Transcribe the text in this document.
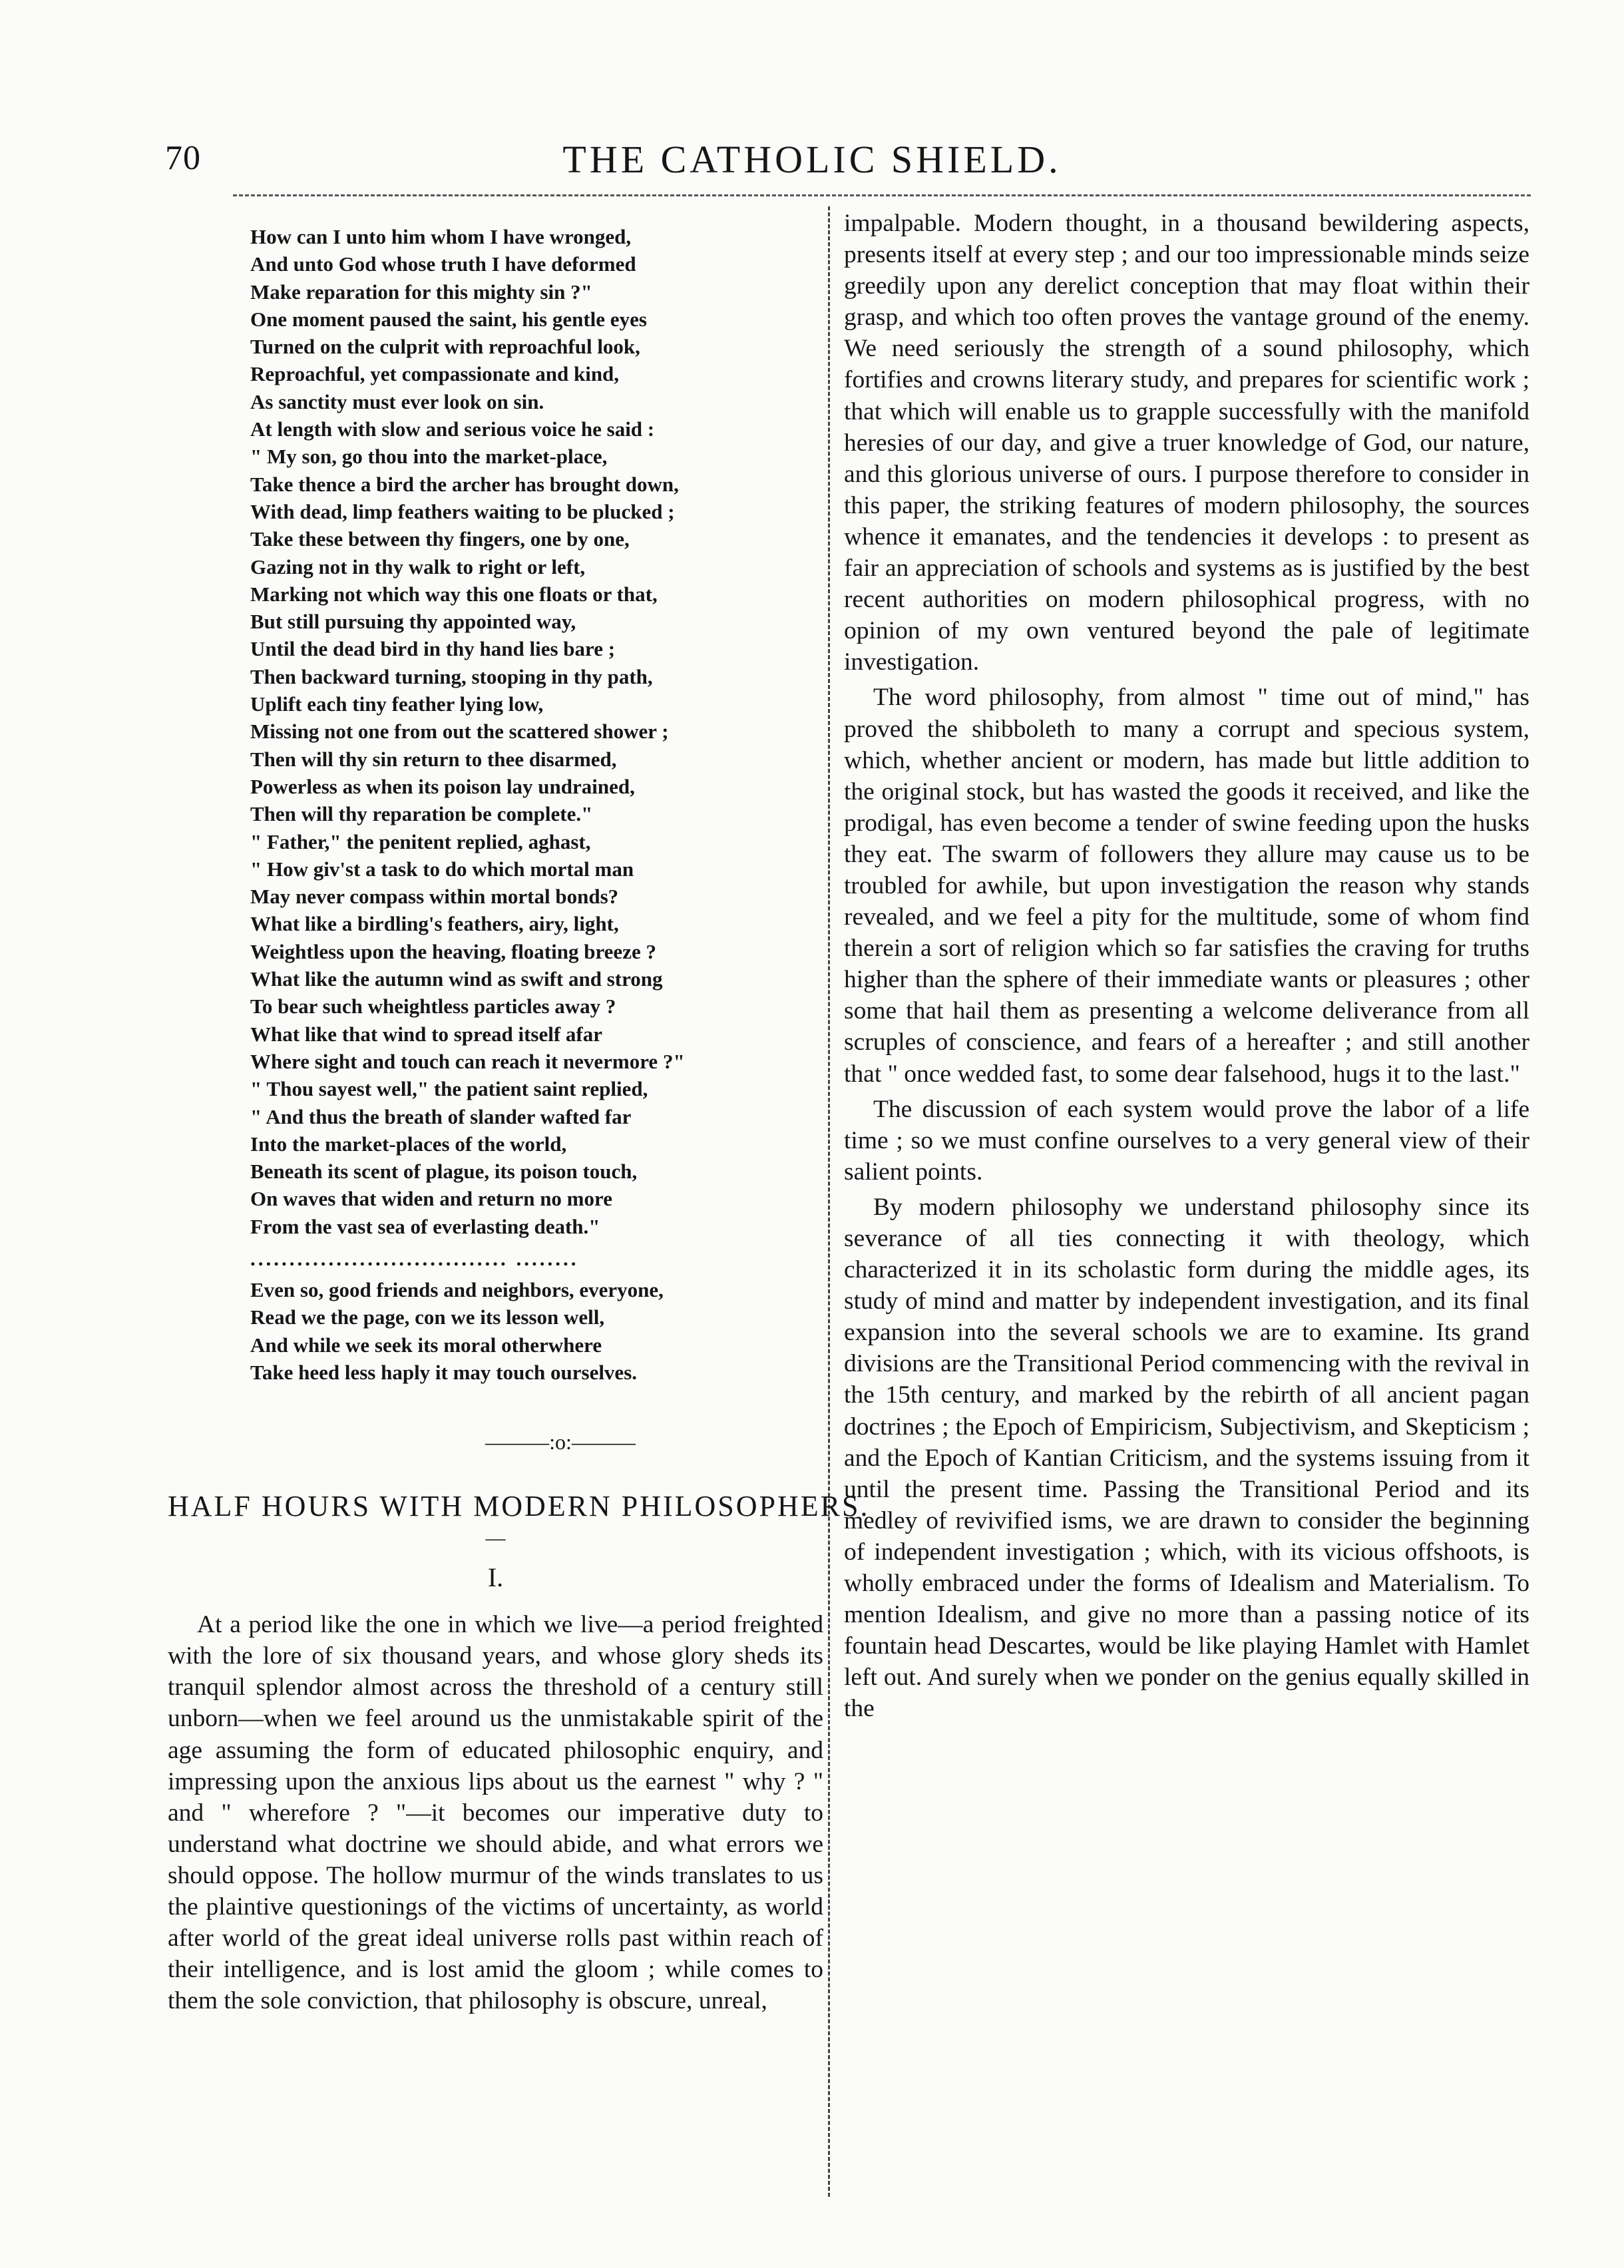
70	THE CATHOLIC SHIELD.
How can I unto him whom I have wronged,
And unto God whose truth I have deformed
Make reparation for this mighty sin ?"
One moment paused the saint, his gentle eyes
Turned on the culprit with reproachful look,
Reproachful, yet compassionate and kind,
As sanctity must ever look on sin.
At length with slow and serious voice he said :
" My son, go thou into the market-place,
Take thence a bird the archer has brought down,
With dead, limp feathers waiting to be plucked ;
Take these between thy fingers, one by one,
Gazing not in thy walk to right or left,
Marking not which way this one floats or that,
But still pursuing thy appointed way,
Until the dead bird in thy hand lies bare ;
Then backward turning, stooping in thy path,
Uplift each tiny feather lying low,
Missing not one from out the scattered shower ;
Then will thy sin return to thee disarmed,
Powerless as when its poison lay undrained,
Then will thy reparation be complete."
" Father," the penitent replied, aghast,
" How giv'st a task to do which mortal man
May never compass within mortal bonds?
What like a birdling's feathers, airy, light,
Weightless upon the heaving, floating breeze ?
What like the autumn wind as swift and strong
To bear such wheightless particles away ?
What like that wind to spread itself afar
Where sight and touch can reach it nevermore ?"
" Thou sayest well," the patient saint replied,
" And thus the breath of slander wafted far
Into the market-places of the world,
Beneath its scent of plague, its poison touch,
On waves that widen and return no more
From the vast sea of everlasting death."
................................. ........
Even so, good friends and neighbors, everyone,
Read we the page, con we its lesson well,
And while we seek its moral otherwhere
Take heed less haply it may touch ourselves.
———:o:———
HALF HOURS WITH MODERN PHILOSOPHERS.
—
I.

At a period like the one in which we live—a period freighted with the lore of six thousand years, and whose glory sheds its tranquil splendor almost across the threshold of a century still unborn—when we feel around us the unmistakable spirit of the age assuming the form of educated philosophic enquiry, and impressing upon the anxious lips about us the earnest " why ? " and " wherefore ? "—it becomes our imperative duty to understand what doctrine we should abide, and what errors we should oppose. The hollow murmur of the winds translates to us the plaintive questionings of the victims of uncertainty, as world after world of the great ideal universe rolls past within reach of their intelligence, and is lost amid the gloom ; while comes to them the sole conviction, that philosophy is obscure, unreal,

impalpable. Modern thought, in a thousand bewildering aspects, presents itself at every step ; and our too impressionable minds seize greedily upon any derelict conception that may float within their grasp, and which too often proves the vantage ground of the enemy. We need seriously the strength of a sound philosophy, which fortifies and crowns literary study, and prepares for scientific work ; that which will enable us to grapple successfully with the manifold heresies of our day, and give a truer knowledge of God, our nature, and this glorious universe of ours. I purpose therefore to consider in this paper, the striking features of modern philosophy, the sources whence it emanates, and the tendencies it develops : to present as fair an appreciation of schools and systems as is justified by the best recent authorities on modern philosophical progress, with no opinion of my own ventured beyond the pale of legitimate investigation.

The word philosophy, from almost " time out of mind," has proved the shibboleth to many a corrupt and specious system, which, whether ancient or modern, has made but little addition to the original stock, but has wasted the goods it received, and like the prodigal, has even become a tender of swine feeding upon the husks they eat. The swarm of followers they allure may cause us to be troubled for awhile, but upon investigation the reason why stands revealed, and we feel a pity for the multitude, some of whom find therein a sort of religion which so far satisfies the craving for truths higher than the sphere of their immediate wants or pleasures ; other some that hail them as presenting a welcome deliverance from all scruples of conscience, and fears of a hereafter ; and still another that " once wedded fast, to some dear falsehood, hugs it to the last."

The discussion of each system would prove the labor of a life time ; so we must confine ourselves to a very general view of their salient points.

By modern philosophy we understand philosophy since its severance of all ties connecting it with theology, which characterized it in its scholastic form during the middle ages, its study of mind and matter by independent investigation, and its final expansion into the several schools we are to examine. Its grand divisions are the Transitional Period commencing with the revival in the 15th century, and marked by the rebirth of all ancient pagan doctrines ; the Epoch of Empiricism, Subjectivism, and Skepticism ; and the Epoch of Kantian Criticism, and the systems issuing from it until the present time. Passing the Transitional Period and its medley of revivified isms, we are drawn to consider the beginning of independent investigation ; which, with its vicious offshoots, is wholly embraced under the forms of Idealism and Materialism. To mention Idealism, and give no more than a passing notice of its fountain head Descartes, would be like playing Hamlet with Hamlet left out. And surely when we ponder on the genius equally skilled in the
